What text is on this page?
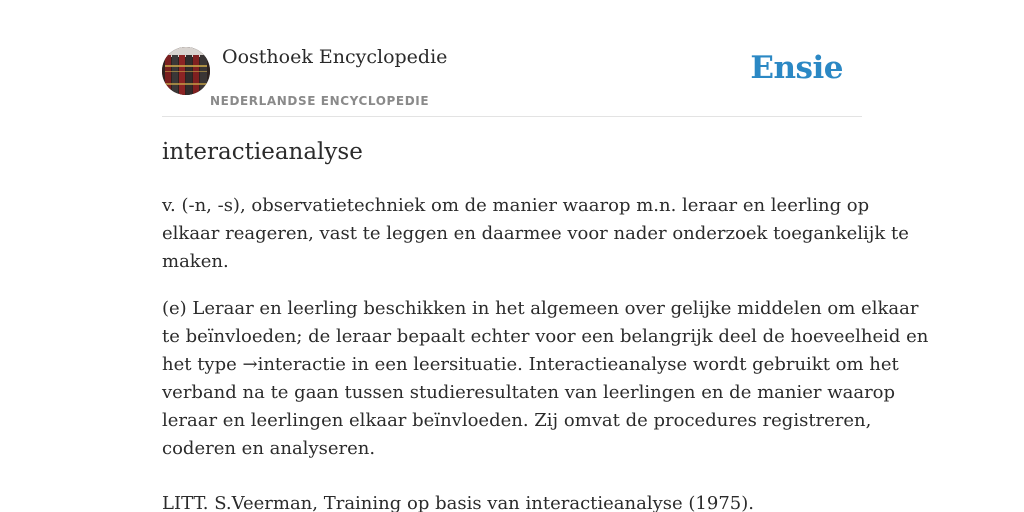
Oosthoek Encyclopedie
NEDERLANDSE ENCYCLOPEDIE
Ensie
interactieanalyse

v. (-n, -s), observatietechniek om de manier waarop m.n. leraar en leerling op
elkaar reageren, vast te leggen en daarmee voor nader onderzoek toegankelijk te
maken.

(e) Leraar en leerling beschikken in het algemeen over gelijke middelen om elkaar
te beïnvloeden; de leraar bepaalt echter voor een belangrijk deel de hoeveelheid en
het type →interactie in een leersituatie. Interactieanalyse wordt gebruikt om het
verband na te gaan tussen studieresultaten van leerlingen en de manier waarop
leraar en leerlingen elkaar beïnvloeden. Zij omvat de procedures registreren,
coderen en analyseren.

LITT. S.Veerman, Training op basis van interactieanalyse (1975).
